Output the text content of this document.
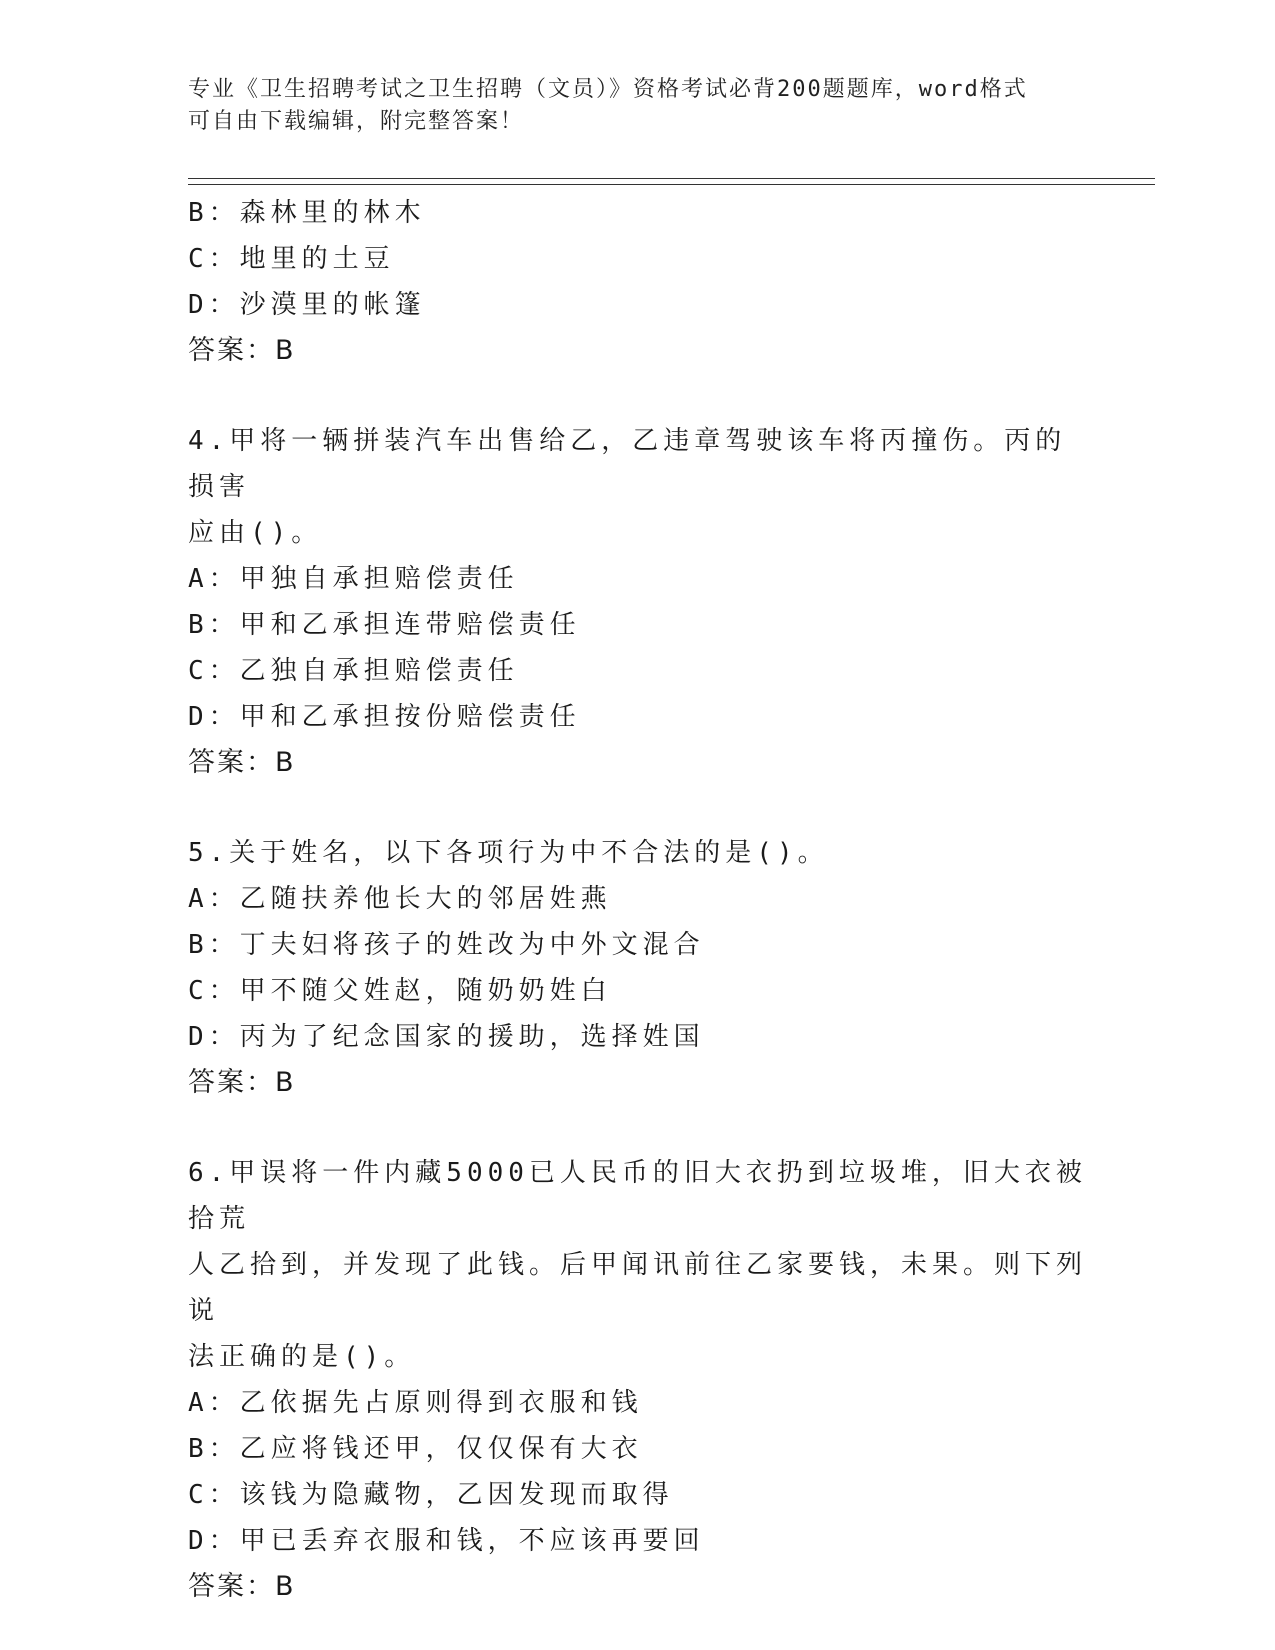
专业《卫生招聘考试之卫生招聘（文员）》资格考试必背200题题库，word格式
可自由下载编辑，附完整答案！
B：森林里的林木
C：地里的土豆
D：沙漠里的帐篷
答案：B
4.甲将一辆拼装汽车出售给乙，乙违章驾驶该车将丙撞伤。丙的损害
应由()。
A：甲独自承担赔偿责任
B：甲和乙承担连带赔偿责任
C：乙独自承担赔偿责任
D：甲和乙承担按份赔偿责任
答案：B
5.关于姓名，以下各项行为中不合法的是()。
A：乙随扶养他长大的邻居姓燕
B：丁夫妇将孩子的姓改为中外文混合
C：甲不随父姓赵，随奶奶姓白
D：丙为了纪念国家的援助，选择姓国
答案：B
6.甲误将一件内藏5000已人民币的旧大衣扔到垃圾堆，旧大衣被拾荒
人乙拾到，并发现了此钱。后甲闻讯前往乙家要钱，未果。则下列说
法正确的是()。
A：乙依据先占原则得到衣服和钱
B：乙应将钱还甲，仅仅保有大衣
C：该钱为隐藏物，乙因发现而取得
D：甲已丢弃衣服和钱，不应该再要回
答案：B
